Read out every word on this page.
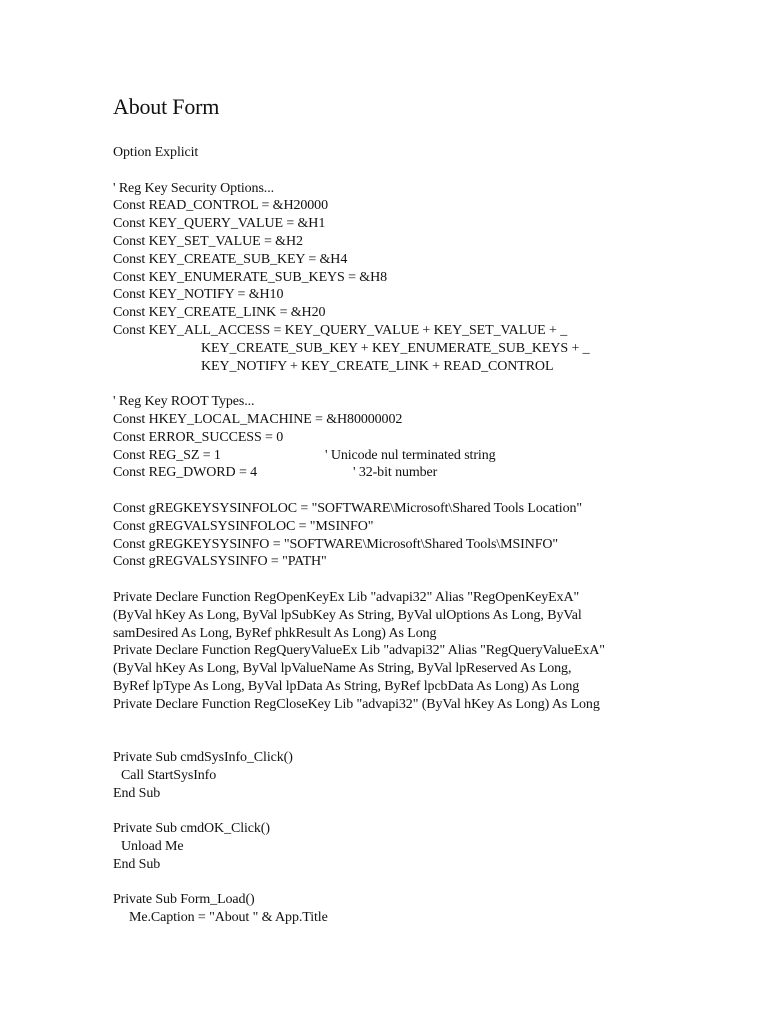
About Form
Option Explicit
' Reg Key Security Options...
Const READ_CONTROL = &H20000
Const KEY_QUERY_VALUE = &H1
Const KEY_SET_VALUE = &H2
Const KEY_CREATE_SUB_KEY = &H4
Const KEY_ENUMERATE_SUB_KEYS = &H8
Const KEY_NOTIFY = &H10
Const KEY_CREATE_LINK = &H20
Const KEY_ALL_ACCESS = KEY_QUERY_VALUE + KEY_SET_VALUE + _
KEY_CREATE_SUB_KEY + KEY_ENUMERATE_SUB_KEYS + _
KEY_NOTIFY + KEY_CREATE_LINK + READ_CONTROL
' Reg Key ROOT Types...
Const HKEY_LOCAL_MACHINE = &H80000002
Const ERROR_SUCCESS = 0
Const REG_SZ = 1	' Unicode nul terminated string
Const REG_DWORD = 4	' 32-bit number
Const gREGKEYSYSINFOLOC = "SOFTWARE\Microsoft\Shared Tools Location"
Const gREGVALSYSINFOLOC = "MSINFO"
Const gREGKEYSYSINFO = "SOFTWARE\Microsoft\Shared Tools\MSINFO"
Const gREGVALSYSINFO = "PATH"
Private Declare Function RegOpenKeyEx Lib "advapi32" Alias "RegOpenKeyExA"
(ByVal hKey As Long, ByVal lpSubKey As String, ByVal ulOptions As Long, ByVal
samDesired As Long, ByRef phkResult As Long) As Long
Private Declare Function RegQueryValueEx Lib "advapi32" Alias "RegQueryValueExA"
(ByVal hKey As Long, ByVal lpValueName As String, ByVal lpReserved As Long,
ByRef lpType As Long, ByVal lpData As String, ByRef lpcbData As Long) As Long
Private Declare Function RegCloseKey Lib "advapi32" (ByVal hKey As Long) As Long
Private Sub cmdSysInfo_Click()
Call StartSysInfo
End Sub
Private Sub cmdOK_Click()
Unload Me
End Sub
Private Sub Form_Load()
Me.Caption = "About " & App.Title
